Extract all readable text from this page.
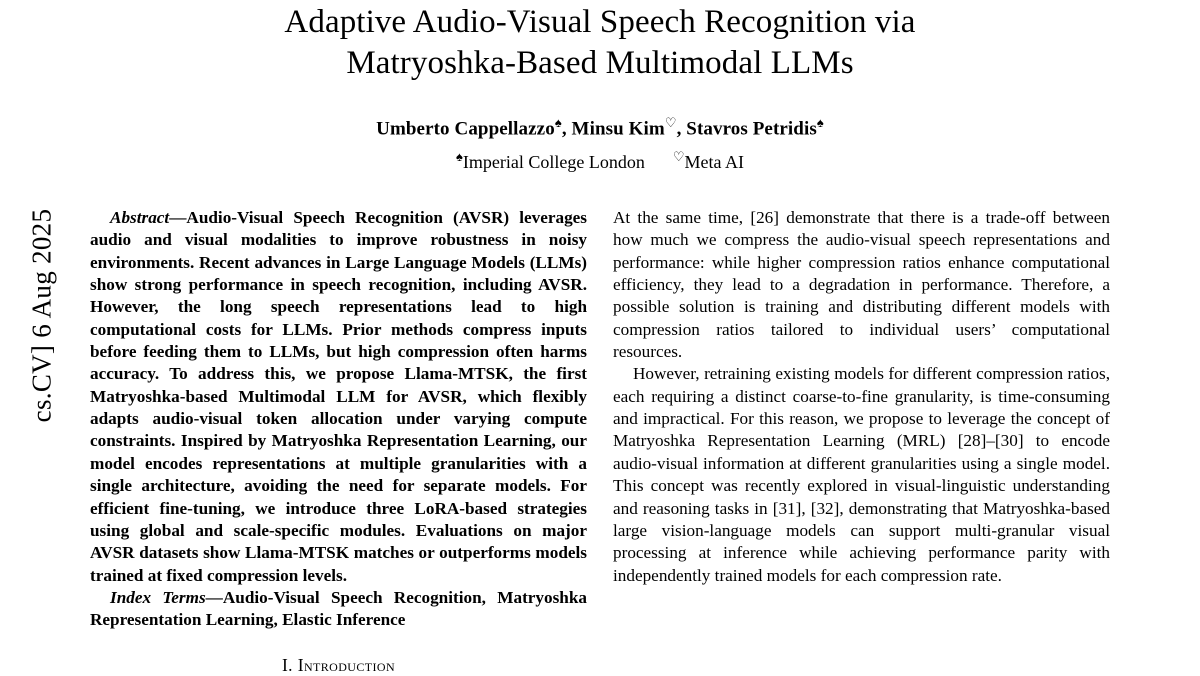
cs.CV] 6 Aug 2025
Adaptive Audio-Visual Speech Recognition via
Matryoshka-Based Multimodal LLMs
Umberto Cappellazzo♠, Minsu Kim♡, Stavros Petridis♠
♠Imperial College London ♡Meta AI

Abstract—Audio-Visual Speech Recognition (AVSR) leverages audio and visual modalities to improve robustness in noisy environments. Recent advances in Large Language Models (LLMs) show strong performance in speech recognition, including AVSR. However, the long speech representations lead to high computational costs for LLMs. Prior methods compress inputs before feeding them to LLMs, but high compression often harms accuracy. To address this, we propose Llama-MTSK, the first Matryoshka-based Multimodal LLM for AVSR, which flexibly adapts audio-visual token allocation under varying compute constraints. Inspired by Matryoshka Representation Learning, our model encodes representations at multiple granularities with a single architecture, avoiding the need for separate models. For efficient fine-tuning, we introduce three LoRA-based strategies using global and scale-specific modules. Evaluations on major AVSR datasets show Llama-MTSK matches or outperforms models trained at fixed compression levels.

Index Terms—Audio-Visual Speech Recognition, Matryoshka Representation Learning, Elastic Inference

I. Introduction

At the same time, [26] demonstrate that there is a trade-off between how much we compress the audio-visual speech representations and performance: while higher compression ratios enhance computational efficiency, they lead to a degradation in performance. Therefore, a possible solution is training and distributing different models with compression ratios tailored to individual users’ computational resources.

However, retraining existing models for different compression ratios, each requiring a distinct coarse-to-fine granularity, is time-consuming and impractical. For this reason, we propose to leverage the concept of Matryoshka Representation Learning (MRL) [28]–[30] to encode audio-visual information at different granularities using a single model. This concept was recently explored in visual-linguistic understanding and reasoning tasks in [31], [32], demonstrating that Matryoshka-based large vision-language models can support multi-granular visual processing at inference while achieving performance parity with independently trained models for each compression rate.
